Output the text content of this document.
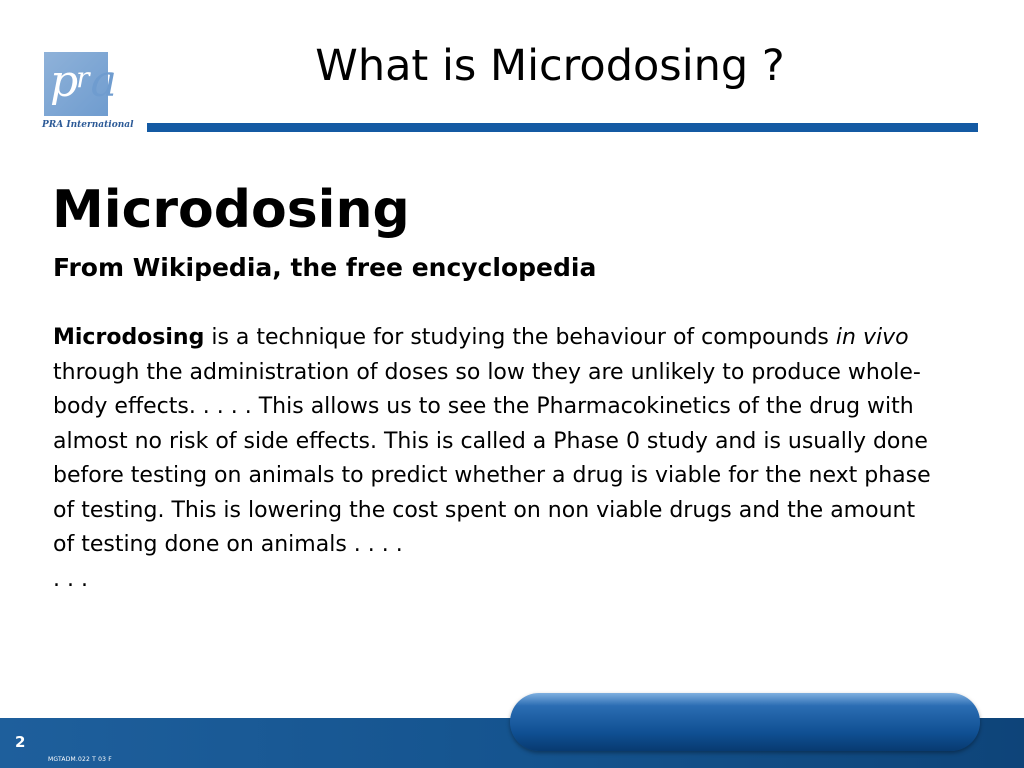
$p^ra$
PRA International
What is Microdosing ?
Microdosing
From Wikipedia, the free encyclopedia
Microdosing is a technique for studying the behaviour of compounds in vivo through the administration of doses so low they are unlikely to produce whole-body effects. . . . . This allows us to see the Pharmacokinetics of the drug with almost no risk of side effects. This is called a Phase 0 study and is usually done before testing on animals to predict whether a drug is viable for the next phase of testing. This is lowering the cost spent on non viable drugs and the amount of testing done on animals . . . .
. . .
2
MGTADM.022 T 03 F
